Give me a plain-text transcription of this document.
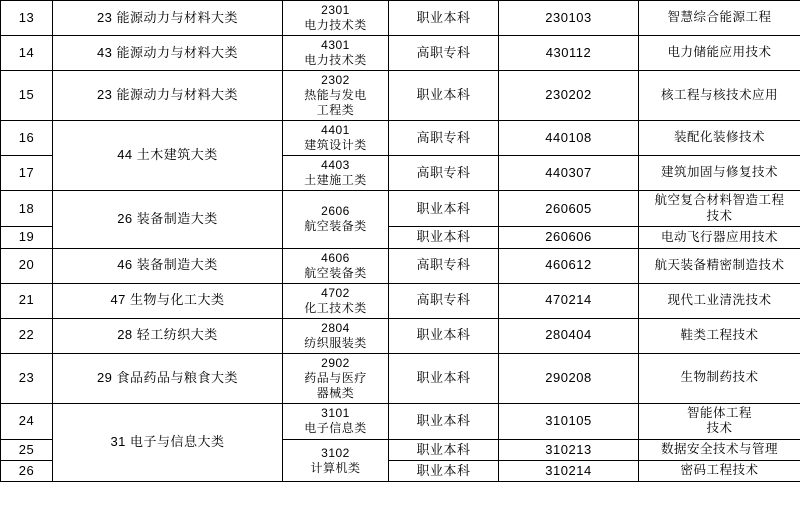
13	23 能源动力与材料大类	2301
电力技术类	职业本科	230103	智慧综合能源工程

14	43 能源动力与材料大类	4301
电力技术类	高职专科	430112	电力储能应用技术

15	23 能源动力与材料大类	2302
热能与发电
工程类	职业本科	230202	核工程与核技术应用

16	44 土木建筑大类	4401
建筑设计类	高职专科	440108	装配化装修技术

17		4403
土建施工类	高职专科	440307	建筑加固与修复技术

18	26 装备制造大类	2606
航空装备类	职业本科	260605	航空复合材料智造工程
技术

19			职业本科	260606	电动飞行器应用技术

20	46 装备制造大类	4606
航空装备类	高职专科	460612	航天装备精密制造技术

21	47 生物与化工大类	4702
化工技术类	高职专科	470214	现代工业清洗技术

22	28 轻工纺织大类	2804
纺织服装类	职业本科	280404	鞋类工程技术

23	29 食品药品与粮食大类	2902
药品与医疗
器械类	职业本科	290208	生物制药技术

24	31 电子与信息大类	3101
电子信息类	职业本科	310105	智能体工程
技术

25		3102
计算机类	职业本科	310213	数据安全技术与管理

26			职业本科	310214	密码工程技术
